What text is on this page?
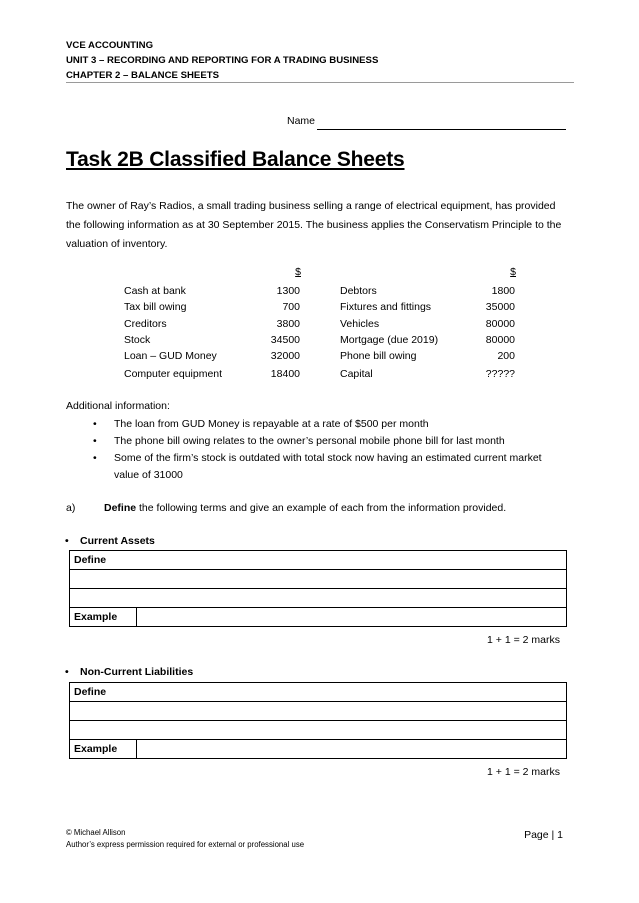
VCE ACCOUNTING
UNIT 3 – RECORDING AND REPORTING FOR A TRADING BUSINESS
CHAPTER 2 – BALANCE SHEETS
Name
Task 2B Classified Balance Sheets
The owner of Ray’s Radios, a small trading business selling a range of electrical equipment, has provided the following information as at 30 September 2015. The business applies the Conservatism Principle to the valuation of inventory.
$	$
Cash at bank	1300	Debtors	1800
Tax bill owing	700	Fixtures and fittings	35000
Creditors	3800	Vehicles	80000
Stock	34500	Mortgage (due 2019)	80000
Loan – GUD Money	32000	Phone bill owing	200
Computer equipment	18400	Capital	?????
Additional information:
• The loan from GUD Money is repayable at a rate of $500 per month
• The phone bill owing relates to the owner’s personal mobile phone bill for last month
• Some of the firm’s stock is outdated with total stock now having an estimated current market value of 31000
a)	Define the following terms and give an example of each from the information provided.
• Current Assets
Define

Example	
1 + 1 = 2 marks
• Non-Current Liabilities
Define

Example	
1 + 1 = 2 marks
© Michael Allison
Author’s express permission required for external or professional use
Page | 1
